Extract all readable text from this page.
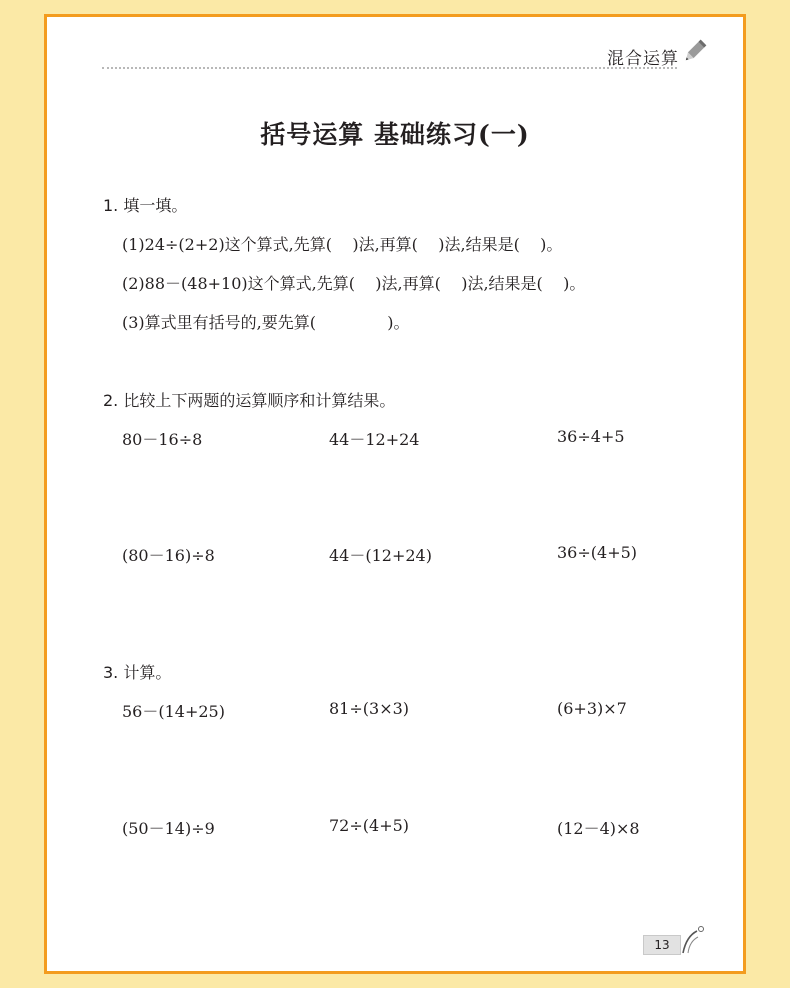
混合运算
括号运算 基础练习(一)
1. 填一填。
(1)24÷(2+2)这个算式,先算(    )法,再算(    )法,结果是(    )。
(2)88－(48+10)这个算式,先算(    )法,再算(    )法,结果是(    )。
(3)算式里有括号的,要先算(              )。
2. 比较上下两题的运算顺序和计算结果。
80－16÷8	44－12+24	36÷4+5
(80－16)÷8	44－(12+24)	36÷(4+5)
3. 计算。
56－(14+25)	81÷(3×3)	(6+3)×7
(50－14)÷9	72÷(4+5)	(12－4)×8
13
